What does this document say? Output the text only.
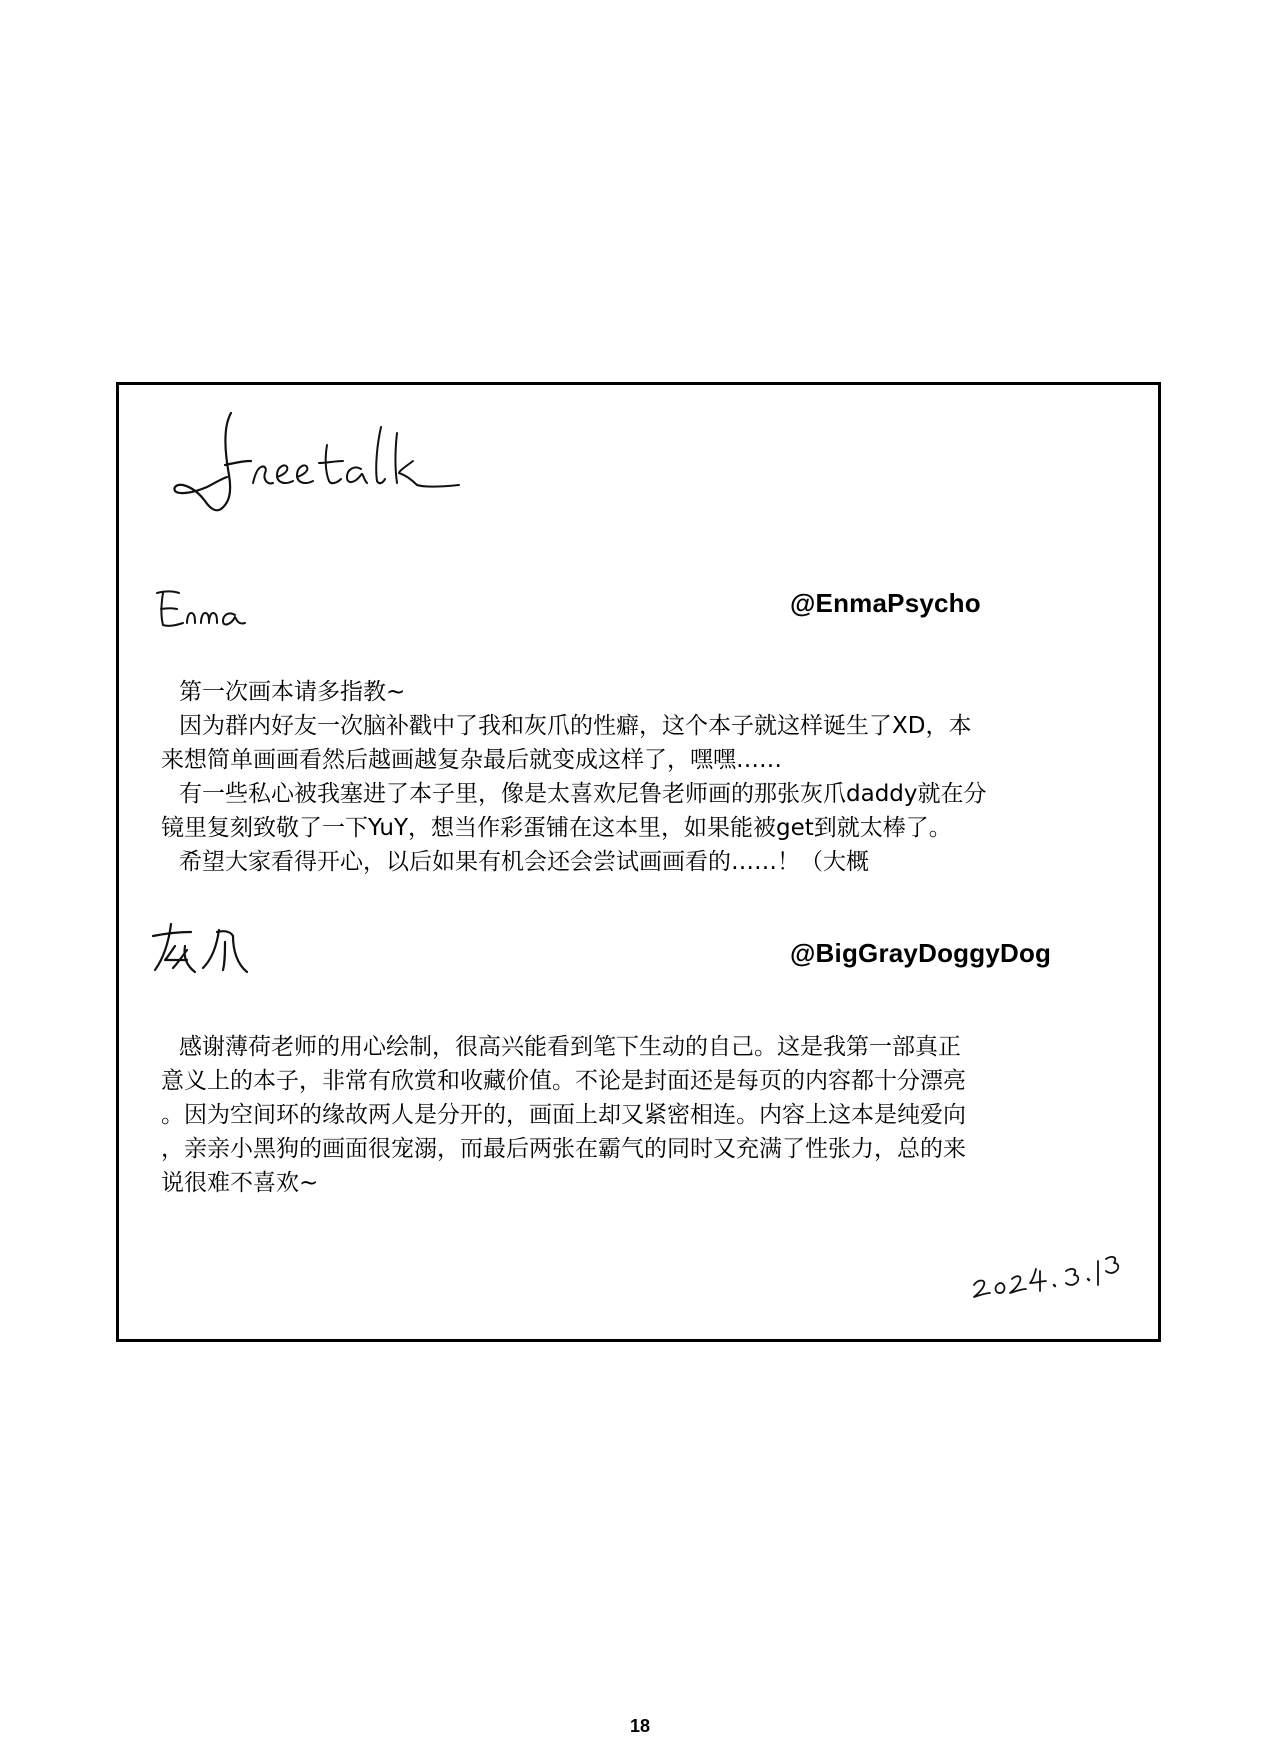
@EnmaPsycho
第一次画本请多指教~
因为群内好友一次脑补戳中了我和灰爪的性癖，这个本子就这样诞生了XD，本
来想简单画画看然后越画越复杂最后就变成这样了，嘿嘿……
有一些私心被我塞进了本子里，像是太喜欢尼鲁老师画的那张灰爪daddy就在分
镜里复刻致敬了一下YuY，想当作彩蛋铺在这本里，如果能被get到就太棒了。
希望大家看得开心，以后如果有机会还会尝试画画看的……！（大概
@BigGrayDoggyDog
感谢薄荷老师的用心绘制，很高兴能看到笔下生动的自己。这是我第一部真正
意义上的本子，非常有欣赏和收藏价值。不论是封面还是每页的内容都十分漂亮
。因为空间环的缘故两人是分开的，画面上却又紧密相连。内容上这本是纯爱向
，亲亲小黑狗的画面很宠溺，而最后两张在霸气的同时又充满了性张力，总的来
说很难不喜欢~
18
